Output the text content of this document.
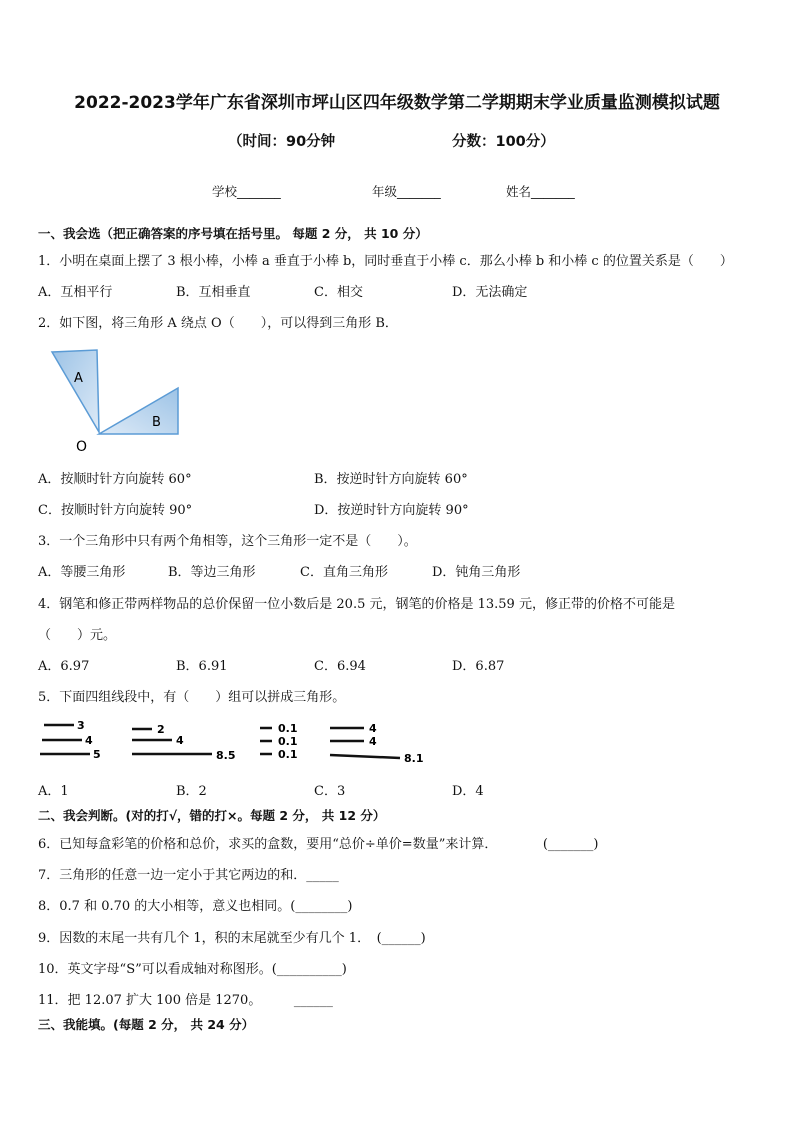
2022-2023学年广东省深圳市坪山区四年级数学第二学期期末学业质量监测模拟试题
（时间：90分钟	分数：100分）
学校_______	年级_______	姓名_______
一、我会选（把正确答案的序号填在括号里。 每题 2 分， 共 10 分）
1．小明在桌面上摆了 3 根小棒，小棒 a 垂直于小棒 b，同时垂直于小棒 c．那么小棒 b 和小棒 c 的位置关系是（　　）
A．互相平行	B．互相垂直	C．相交	D．无法确定
2．如下图，将三角形 A 绕点 O（　　），可以得到三角形 B．
A
B
O
A．按顺时针方向旋转 60°	B．按逆时针方向旋转 60°
C．按顺时针方向旋转 90°	D．按逆时针方向旋转 90°
3．一个三角形中只有两个角相等，这个三角形一定不是（　　）。
A．等腰三角形	B．等边三角形	C．直角三角形	D．钝角三角形
4．钢笔和修正带两样物品的总价保留一位小数后是 20.5 元，钢笔的价格是 13.59 元，修正带的价格不可能是
（　　）元。
A．6.97	B．6.91	C．6.94	D．6.87
5．下面四组线段中，有（　　）组可以拼成三角形。
3
4
5
2
4
8.5
0.1
0.1
0.1
4
4
8.1
A．1	B．2	C．3	D．4
二、我会判断。(对的打√，错的打×。每题 2 分， 共 12 分）
6．已知每盒彩笔的价格和总价，求买的盒数，要用“总价÷单价=数量”来计算．　　　　(_______)
7．三角形的任意一边一定小于其它两边的和．_____
8．0.7 和 0.70 的大小相等，意义也相同。(________)
9．因数的末尾一共有几个 1，积的末尾就至少有几个 1．　(______)
10．英文字母“S”可以看成轴对称图形。(__________)
11．把 12.07 扩大 100 倍是 1270。　　　______
三、我能填。(每题 2 分， 共 24 分）
